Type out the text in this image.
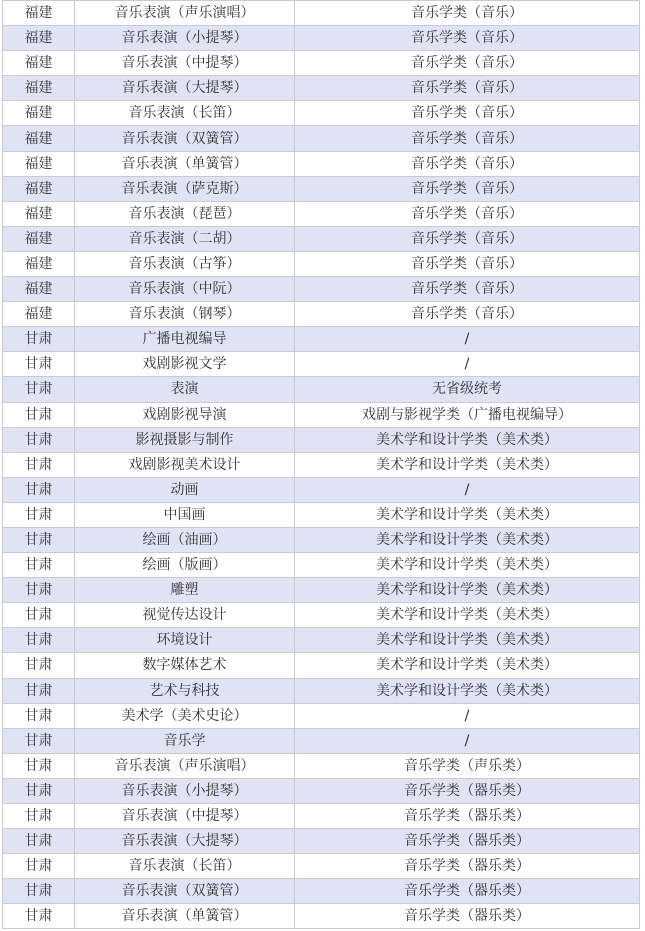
福建	音乐表演（声乐演唱）	音乐学类（音乐）
福建	音乐表演（小提琴）	音乐学类（音乐）
福建	音乐表演（中提琴）	音乐学类（音乐）
福建	音乐表演（大提琴）	音乐学类（音乐）
福建	音乐表演（长笛）	音乐学类（音乐）
福建	音乐表演（双簧管）	音乐学类（音乐）
福建	音乐表演（单簧管）	音乐学类（音乐）
福建	音乐表演（萨克斯）	音乐学类（音乐）
福建	音乐表演（琵琶）	音乐学类（音乐）
福建	音乐表演（二胡）	音乐学类（音乐）
福建	音乐表演（古筝）	音乐学类（音乐）
福建	音乐表演（中阮）	音乐学类（音乐）
福建	音乐表演（钢琴）	音乐学类（音乐）
甘肃	广播电视编导	/
甘肃	戏剧影视文学	/
甘肃	表演	无省级统考
甘肃	戏剧影视导演	戏剧与影视学类（广播电视编导）
甘肃	影视摄影与制作	美术学和设计学类（美术类）
甘肃	戏剧影视美术设计	美术学和设计学类（美术类）
甘肃	动画	/
甘肃	中国画	美术学和设计学类（美术类）
甘肃	绘画（油画）	美术学和设计学类（美术类）
甘肃	绘画（版画）	美术学和设计学类（美术类）
甘肃	雕塑	美术学和设计学类（美术类）
甘肃	视觉传达设计	美术学和设计学类（美术类）
甘肃	环境设计	美术学和设计学类（美术类）
甘肃	数字媒体艺术	美术学和设计学类（美术类）
甘肃	艺术与科技	美术学和设计学类（美术类）
甘肃	美术学（美术史论）	/
甘肃	音乐学	/
甘肃	音乐表演（声乐演唱）	音乐学类（声乐类）
甘肃	音乐表演（小提琴）	音乐学类（器乐类）
甘肃	音乐表演（中提琴）	音乐学类（器乐类）
甘肃	音乐表演（大提琴）	音乐学类（器乐类）
甘肃	音乐表演（长笛）	音乐学类（器乐类）
甘肃	音乐表演（双簧管）	音乐学类（器乐类）
甘肃	音乐表演（单簧管）	音乐学类（器乐类）
